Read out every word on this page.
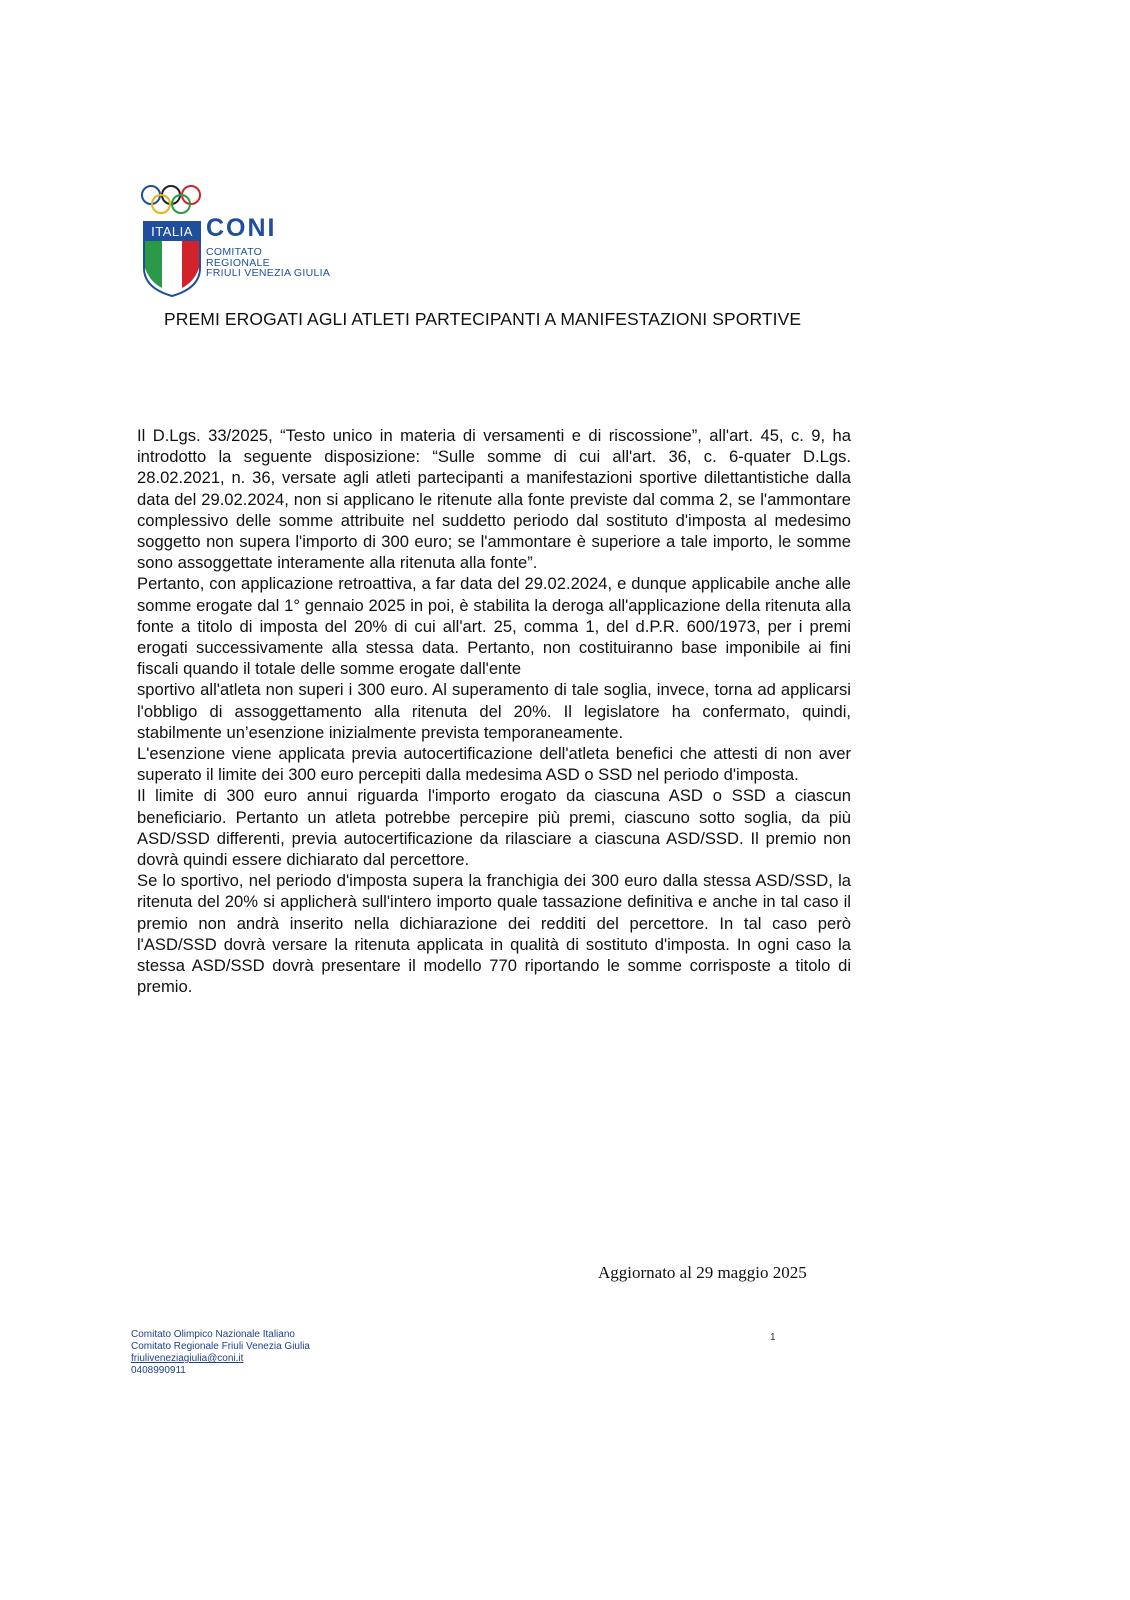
ITALIA CONI
COMITATO
REGIONALE
FRIULI VENEZIA GIULIA
PREMI EROGATI AGLI ATLETI PARTECIPANTI A MANIFESTAZIONI SPORTIVE

Il D.Lgs. 33/2025, “Testo unico in materia di versamenti e di riscossione”, all'art. 45, c. 9, ha introdotto la seguente disposizione: “Sulle somme di cui all'art. 36, c. 6-quater D.Lgs. 28.02.2021, n. 36, versate agli atleti partecipanti a manifestazioni sportive dilettantistiche dalla data del 29.02.2024, non si applicano le ritenute alla fonte previste dal comma 2, se l'ammontare complessivo delle somme attribuite nel suddetto periodo dal sostituto d'imposta al medesimo soggetto non supera l'importo di 300 euro; se l'ammontare è superiore a tale importo, le somme sono assoggettate interamente alla ritenuta alla fonte”.

Pertanto, con applicazione retroattiva, a far data del 29.02.2024, e dunque applicabile anche alle somme erogate dal 1° gennaio 2025 in poi, è stabilita la deroga all'applicazione della ritenuta alla fonte a titolo di imposta del 20% di cui all'art. 25, comma 1, del d.P.R. 600/1973, per i premi erogati successivamente alla stessa data. Pertanto, non costituiranno base imponibile ai fini fiscali quando il totale delle somme erogate dall'ente

sportivo all'atleta non superi i 300 euro. Al superamento di tale soglia, invece, torna ad applicarsi l'obbligo di assoggettamento alla ritenuta del 20%. Il legislatore ha confermato, quindi, stabilmente un’esenzione inizialmente prevista temporaneamente.

L'esenzione viene applicata previa autocertificazione dell'atleta benefici che attesti di non aver superato il limite dei 300 euro percepiti dalla medesima ASD o SSD nel periodo d'imposta.

Il limite di 300 euro annui riguarda l'importo erogato da ciascuna ASD o SSD a ciascun beneficiario. Pertanto un atleta potrebbe percepire più premi, ciascuno sotto soglia, da più ASD/SSD differenti, previa autocertificazione da rilasciare a ciascuna ASD/SSD. Il premio non dovrà quindi essere dichiarato dal percettore.

Se lo sportivo, nel periodo d'imposta supera la franchigia dei 300 euro dalla stessa ASD/SSD, la ritenuta del 20% si applicherà sull'intero importo quale tassazione definitiva e anche in tal caso il premio non andrà inserito nella dichiarazione dei redditi del percettore. In tal caso però l'ASD/SSD dovrà versare la ritenuta applicata in qualità di sostituto d'imposta. In ogni caso la stessa ASD/SSD dovrà presentare il modello 770 riportando le somme corrisposte a titolo di premio.

Aggiornato al 29 maggio 2025
Comitato Olimpico Nazionale Italiano
Comitato Regionale Friuli Venezia Giulia
friuliveneziagiulia@coni.it
0408990911
1
